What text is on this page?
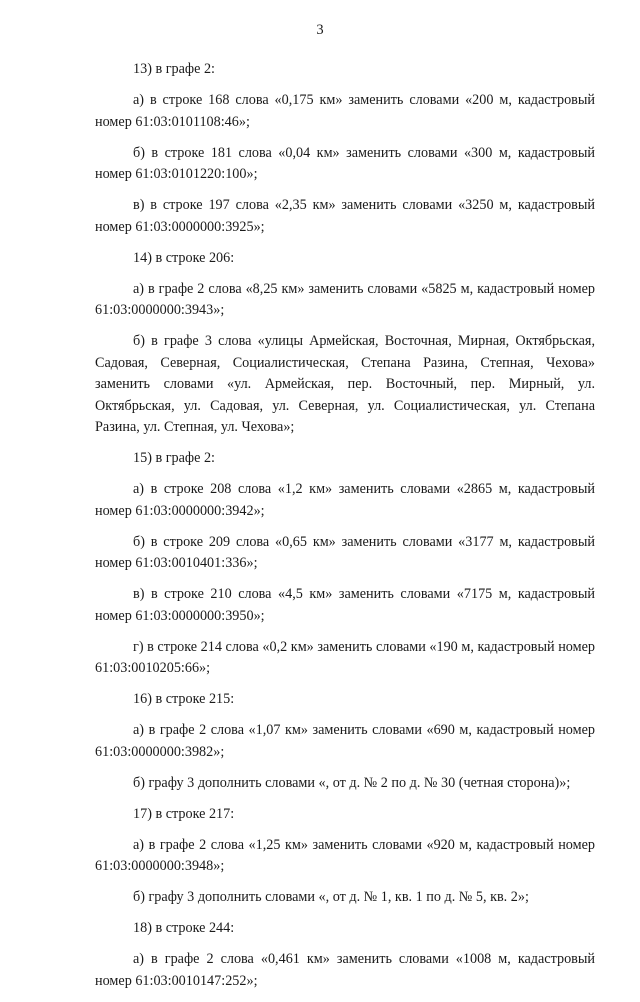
3

13) в графе 2:

а) в строке 168 слова «0,175 км» заменить словами «200 м, кадастровый номер 61:03:0101108:46»;

б) в строке 181 слова «0,04 км» заменить словами «300 м, кадастровый номер 61:03:0101220:100»;

в) в строке 197 слова «2,35 км» заменить словами «3250 м, кадастровый номер 61:03:0000000:3925»;

14) в строке 206:

а) в графе 2 слова «8,25 км» заменить словами «5825 м, кадастровый номер 61:03:0000000:3943»;

б) в графе 3 слова «улицы Армейская, Восточная, Мирная, Октябрьская, Садовая, Северная, Социалистическая, Степана Разина, Степная, Чехова» заменить словами «ул. Армейская, пер. Восточный, пер. Мирный, ул. Октябрьская, ул. Садовая, ул. Северная, ул. Социалистическая, ул. Степана Разина, ул. Степная, ул. Чехова»;

15) в графе 2:

а) в строке 208 слова «1,2 км» заменить словами «2865 м, кадастровый номер 61:03:0000000:3942»;

б) в строке 209 слова «0,65 км» заменить словами «3177 м, кадастровый номер 61:03:0010401:336»;

в) в строке 210 слова «4,5 км» заменить словами «7175 м, кадастровый номер 61:03:0000000:3950»;

г) в строке 214 слова «0,2 км» заменить словами «190 м, кадастровый номер 61:03:0010205:66»;

16) в строке 215:

а) в графе 2 слова «1,07 км» заменить словами «690 м, кадастровый номер 61:03:0000000:3982»;

б) графу 3 дополнить словами «, от д. № 2 по д. № 30 (четная сторона)»;

17) в строке 217:

а) в графе 2 слова «1,25 км» заменить словами «920 м, кадастровый номер 61:03:0000000:3948»;

б) графу 3 дополнить словами «, от д. № 1, кв. 1 по д. № 5, кв. 2»;

18) в строке 244:

а) в графе 2 слова «0,461 км» заменить словами «1008 м, кадастровый номер 61:03:0010147:252»;
